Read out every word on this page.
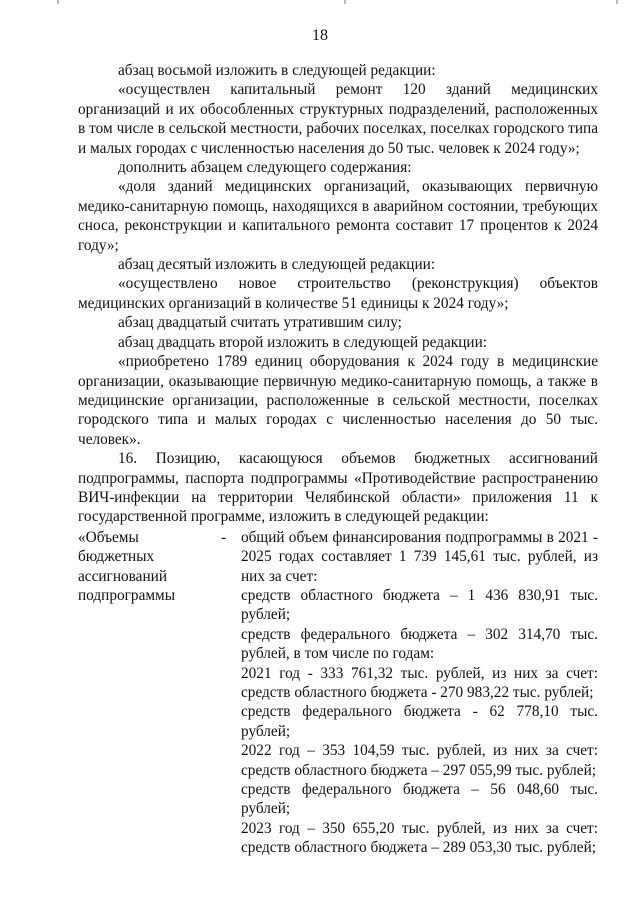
18

абзац восьмой изложить в следующей редакции:

«осуществлен капитальный ремонт 120 зданий медицинских организаций и их обособленных структурных подразделений, расположенных в том числе в сельской местности, рабочих поселках, поселках городского типа и малых городах с численностью населения до 50 тыс. человек к 2024 году»;

дополнить абзацем следующего содержания:

«доля зданий медицинских организаций, оказывающих первичную медико-санитарную помощь, находящихся в аварийном состоянии, требующих сноса, реконструкции и капитального ремонта составит 17 процентов к 2024 году»;

абзац десятый изложить в следующей редакции:

«осуществлено новое строительство (реконструкция) объектов медицинских организаций в количестве 51 единицы к 2024 году»;

абзац двадцатый считать утратившим силу;

абзац двадцать второй изложить в следующей редакции:

«приобретено 1789 единиц оборудования к 2024 году в медицинские организации, оказывающие первичную медико-санитарную помощь, а также в медицинские организации, расположенные в сельской местности, поселках городского типа и малых городах с численностью населения до 50 тыс. человек».

16. Позицию, касающуюся объемов бюджетных ассигнований подпрограммы, паспорта подпрограммы «Противодействие распространению ВИЧ-инфекции на территории Челябинской области» приложения 11 к государственной программе, изложить в следующей редакции:

«Объемы
бюджетных
ассигнований
подпрограммы
- общий объем финансирования подпрограммы в 2021 - 2025 годах составляет 1 739 145,61 тыс. рублей, из них за счет:

средств областного бюджета – 1 436 830,91 тыс. рублей;

средств федерального бюджета – 302 314,70 тыс. рублей, в том числе по годам:

2021 год - 333 761,32 тыс. рублей, из них за счет: средств областного бюджета - 270 983,22 тыс. рублей;

средств федерального бюджета - 62 778,10 тыс. рублей;

2022 год – 353 104,59 тыс. рублей, из них за счет: средств областного бюджета – 297 055,99 тыс. рублей;

средств федерального бюджета – 56 048,60 тыс. рублей;

2023 год – 350 655,20 тыс. рублей, из них за счет: средств областного бюджета – 289 053,30 тыс. рублей;
